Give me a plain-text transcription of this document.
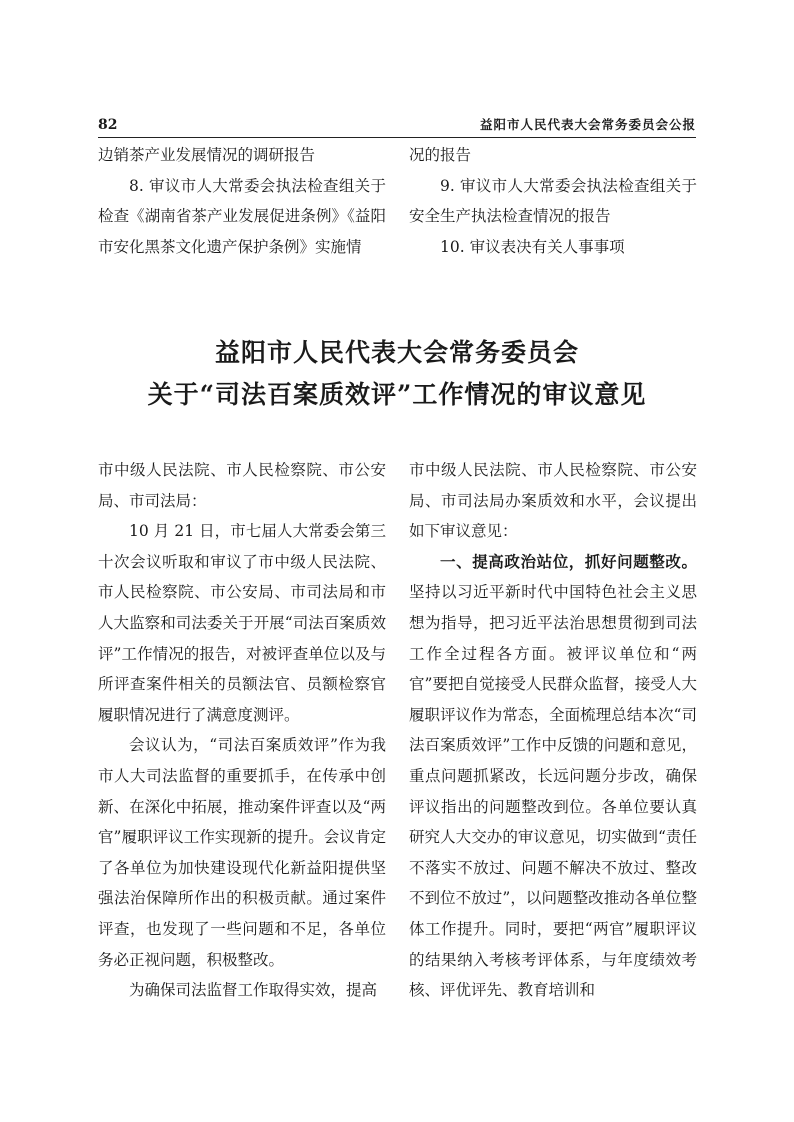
82	益阳市人民代表大会常务委员会公报

边销茶产业发展情况的调研报告

8. 审议市人大常委会执法检查组关于检查《湖南省茶产业发展促进条例》《益阳市安化黑茶文化遗产保护条例》实施情

况的报告

9. 审议市人大常委会执法检查组关于安全生产执法检查情况的报告

10. 审议表决有关人事事项

益阳市人民代表大会常务委员会
关于“司法百案质效评”工作情况的审议意见

市中级人民法院、市人民检察院、市公安局、市司法局：

10 月 21 日，市七届人大常委会第三十次会议听取和审议了市中级人民法院、市人民检察院、市公安局、市司法局和市人大监察和司法委关于开展“司法百案质效评”工作情况的报告，对被评查单位以及与所评查案件相关的员额法官、员额检察官履职情况进行了满意度测评。

会议认为，“司法百案质效评”作为我市人大司法监督的重要抓手，在传承中创新、在深化中拓展，推动案件评查以及“两官”履职评议工作实现新的提升。会议肯定了各单位为加快建设现代化新益阳提供坚强法治保障所作出的积极贡献。通过案件评查，也发现了一些问题和不足，各单位务必正视问题，积极整改。

为确保司法监督工作取得实效，提高

市中级人民法院、市人民检察院、市公安局、市司法局办案质效和水平，会议提出如下审议意见：

一、提高政治站位，抓好问题整改。坚持以习近平新时代中国特色社会主义思想为指导，把习近平法治思想贯彻到司法工作全过程各方面。被评议单位和“两官”要把自觉接受人民群众监督，接受人大履职评议作为常态，全面梳理总结本次“司法百案质效评”工作中反馈的问题和意见，重点问题抓紧改，长远问题分步改，确保评议指出的问题整改到位。各单位要认真研究人大交办的审议意见，切实做到“责任不落实不放过、问题不解决不放过、整改不到位不放过”，以问题整改推动各单位整体工作提升。同时，要把“两官”履职评议的结果纳入考核考评体系，与年度绩效考核、评优评先、教育培训和
